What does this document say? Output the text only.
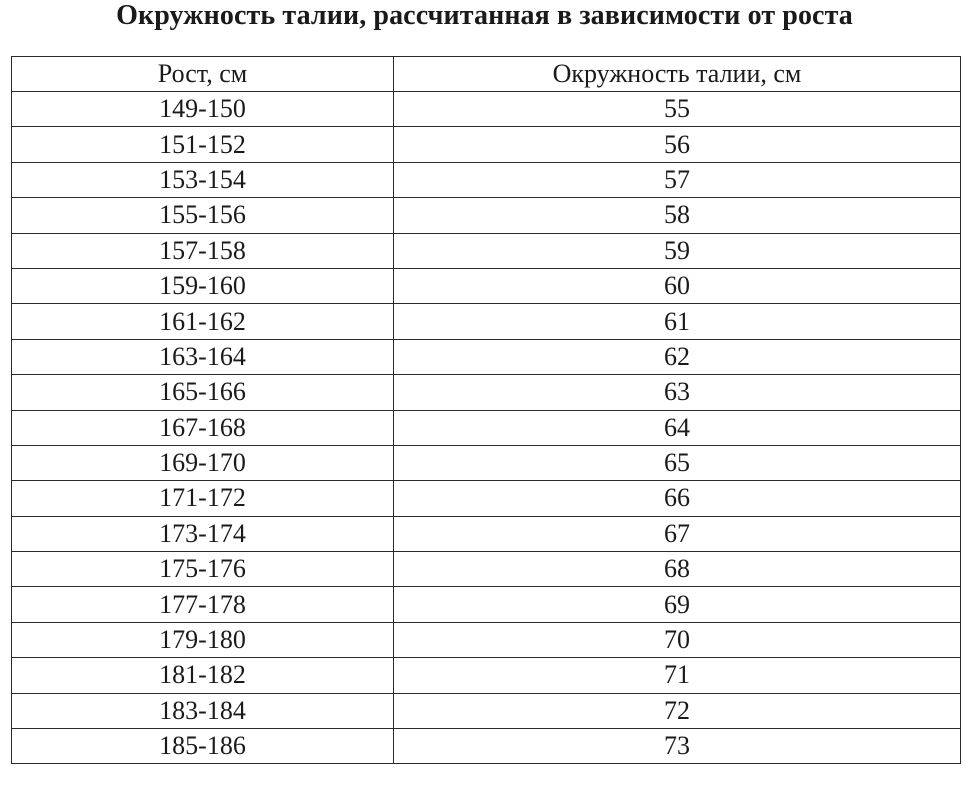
Окружность талии, рассчитанная в зависимости от роста
Рост, см	Окружность талии, см
149-150	55
151-152	56
153-154	57
155-156	58
157-158	59
159-160	60
161-162	61
163-164	62
165-166	63
167-168	64
169-170	65
171-172	66
173-174	67
175-176	68
177-178	69
179-180	70
181-182	71
183-184	72
185-186	73
